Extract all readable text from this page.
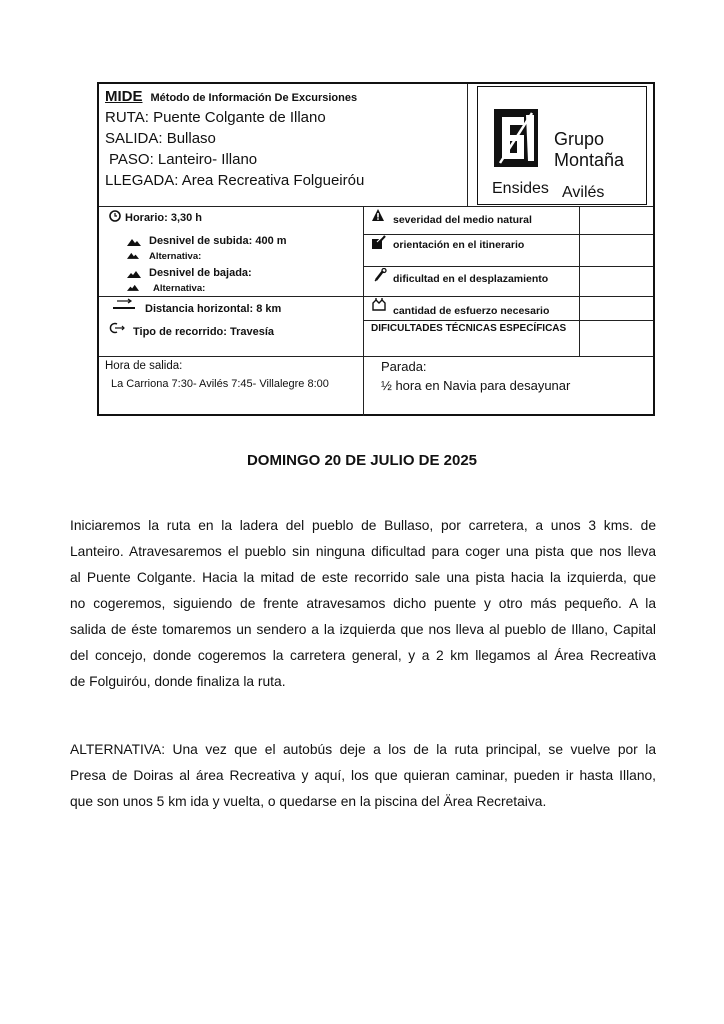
MIDE Método de Información De Excursiones
RUTA: Puente Colgante de Illano
SALIDA: Bullaso
PASO: Lanteiro- Illano
LLEGADA: Area Recreativa Folgueiróu
Grupo
Montaña
Ensides Avilés
Horario: 3,30 h
Desnivel de subida: 400 m
Alternativa:
Desnivel de bajada:
Alternativa:
Distancia horizontal: 8 km
Tipo de recorrido: Travesía
severidad del medio natural
orientación en el itinerario
dificultad en el desplazamiento
cantidad de esfuerzo necesario
DIFICULTADES TÉCNICAS ESPECÍFICAS
Hora de salida:
La Carriona 7:30- Avilés 7:45- Villalegre 8:00
Parada:
½ hora en Navia para desayunar
DOMINGO 20 DE JULIO DE 2025
Iniciaremos la ruta en la ladera del pueblo de Bullaso, por carretera, a unos 3 kms. de
Lanteiro. Atravesaremos el pueblo sin ninguna dificultad para coger una pista que nos lleva
al Puente Colgante. Hacia la mitad de este recorrido sale una pista hacia la izquierda, que
no cogeremos, siguiendo de frente atravesamos dicho puente y otro más pequeño. A la
salida de éste tomaremos un sendero a la izquierda que nos lleva al pueblo de Illano, Capital
del concejo, donde cogeremos la carretera general, y a 2 km llegamos al Área Recreativa
de Folguiróu, donde finaliza la ruta.
ALTERNATIVA: Una vez que el autobús deje a los de la ruta principal, se vuelve por la
Presa de Doiras al área Recreativa y aquí, los que quieran caminar, pueden ir hasta Illano,
que son unos 5 km ida y vuelta, o quedarse en la piscina del Ärea Recretaiva.
